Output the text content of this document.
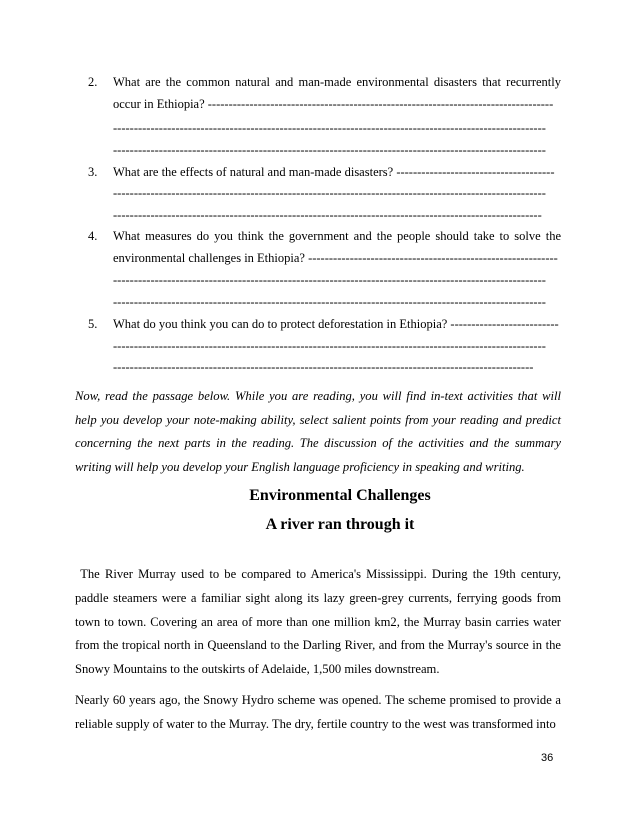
2.	What are the common natural and man-made environmental disasters that recurrently
occur in Ethiopia? -----------------------------------------------------------------------------------
--------------------------------------------------------------------------------------------------------
--------------------------------------------------------------------------------------------------------
3.	What are the effects of natural and man-made disasters? --------------------------------------
--------------------------------------------------------------------------------------------------------
-------------------------------------------------------------------------------------------------------
4.	What measures do you think the government and the people should take to solve the
environmental challenges in Ethiopia? ------------------------------------------------------------
--------------------------------------------------------------------------------------------------------
--------------------------------------------------------------------------------------------------------
5.	What do you think you can do to protect deforestation in Ethiopia? --------------------------
--------------------------------------------------------------------------------------------------------
-----------------------------------------------------------------------------------------------------

Now, read the passage below. While you are reading, you will find in-text activities that will help you develop your note-making ability, select salient points from your reading and predict concerning the next parts in the reading. The discussion of the activities and the summary writing will help you develop your English language proficiency in speaking and writing.

Environmental Challenges
A river ran through it

The River Murray used to be compared to America's Mississippi. During the 19th century, paddle steamers were a familiar sight along its lazy green-grey currents, ferrying goods from town to town. Covering an area of more than one million km2, the Murray basin carries water from the tropical north in Queensland to the Darling River, and from the Murray's source in the Snowy Mountains to the outskirts of Adelaide, 1,500 miles downstream.

Nearly 60 years ago, the Snowy Hydro scheme was opened. The scheme promised to provide a reliable supply of water to the Murray. The dry, fertile country to the west was transformed into

36
